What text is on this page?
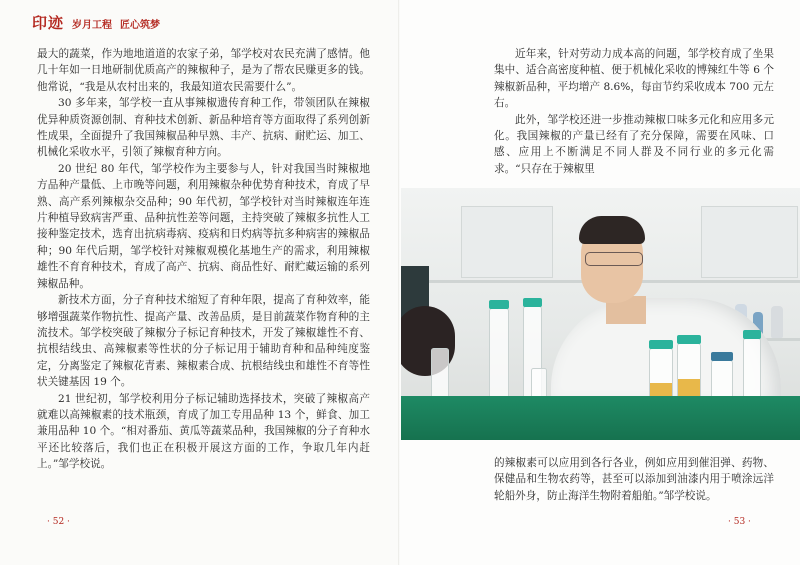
印迹 岁月工程 匠心筑梦

最大的蔬菜，作为地地道道的农家子弟，邹学校对农民充满了感情。他几十年如一日地研制优质高产的辣椒种子，是为了帮农民赚更多的钱。他常说，“我是从农村出来的，我最知道农民需要什么”。

30 多年来，邹学校一直从事辣椒遗传育种工作，带领团队在辣椒优异种质资源创制、育种技术创新、新品种培育等方面取得了系列创新性成果，全面提升了我国辣椒品种早熟、丰产、抗病、耐贮运、加工、机械化采收水平，引领了辣椒育种方向。

20 世纪 80 年代，邹学校作为主要参与人，针对我国当时辣椒地方品种产量低、上市晚等问题，利用辣椒杂种优势育种技术，育成了早熟、高产系列辣椒杂交品种；90 年代初，邹学校针对当时辣椒连年连片种植导致病害严重、品种抗性差等问题，主持突破了辣椒多抗性人工接种鉴定技术，选育出抗病毒病、疫病和日灼病等抗多种病害的辣椒品种；90 年代后期，邹学校针对辣椒观模化基地生产的需求，利用辣椒雄性不育育种技术，育成了高产、抗病、商品性好、耐贮藏运输的系列辣椒品种。

新技术方面，分子育种技术缩短了育种年限，提高了育种效率，能够增强蔬菜作物抗性、提高产量、改善品质，是目前蔬菜作物育种的主流技术。邹学校突破了辣椒分子标记育种技术，开发了辣椒雄性不育、抗根结线虫、高辣椒素等性状的分子标记用于辅助育种和品种纯度鉴定，分离鉴定了辣椒花青素、辣椒素合成、抗根结线虫和雄性不育等性状关键基因 19 个。

21 世纪初，邹学校利用分子标记辅助选择技术，突破了辣椒高产就难以高辣椒素的技术瓶颈，育成了加工专用品种 13 个，鲜食、加工兼用品种 10 个。“相对番茄、黄瓜等蔬菜品种，我国辣椒的分子育种水平还比较落后，我们也正在积极开展这方面的工作，争取几年内赶上。”邹学校说。

· 52 ·	· 53 ·

近年来，针对劳动力成本高的问题，邹学校育成了坐果集中、适合高密度种植、便于机械化采收的博辣红牛等 6 个辣椒新品种，平均增产 8.6%，每亩节约采收成本 700 元左右。

此外，邹学校还进一步推动辣椒口味多元化和应用多元化。我国辣椒的产量已经有了充分保障，需要在风味、口感、应用上不断满足不同人群及不同行业的多元化需求。“只存在于辣椒里

的辣椒素可以应用到各行各业，例如应用到催泪弹、药物、保健品和生物农药等，甚至可以添加到油漆内用于喷涂远洋轮船外身，防止海洋生物附着船舶。”邹学校说。
